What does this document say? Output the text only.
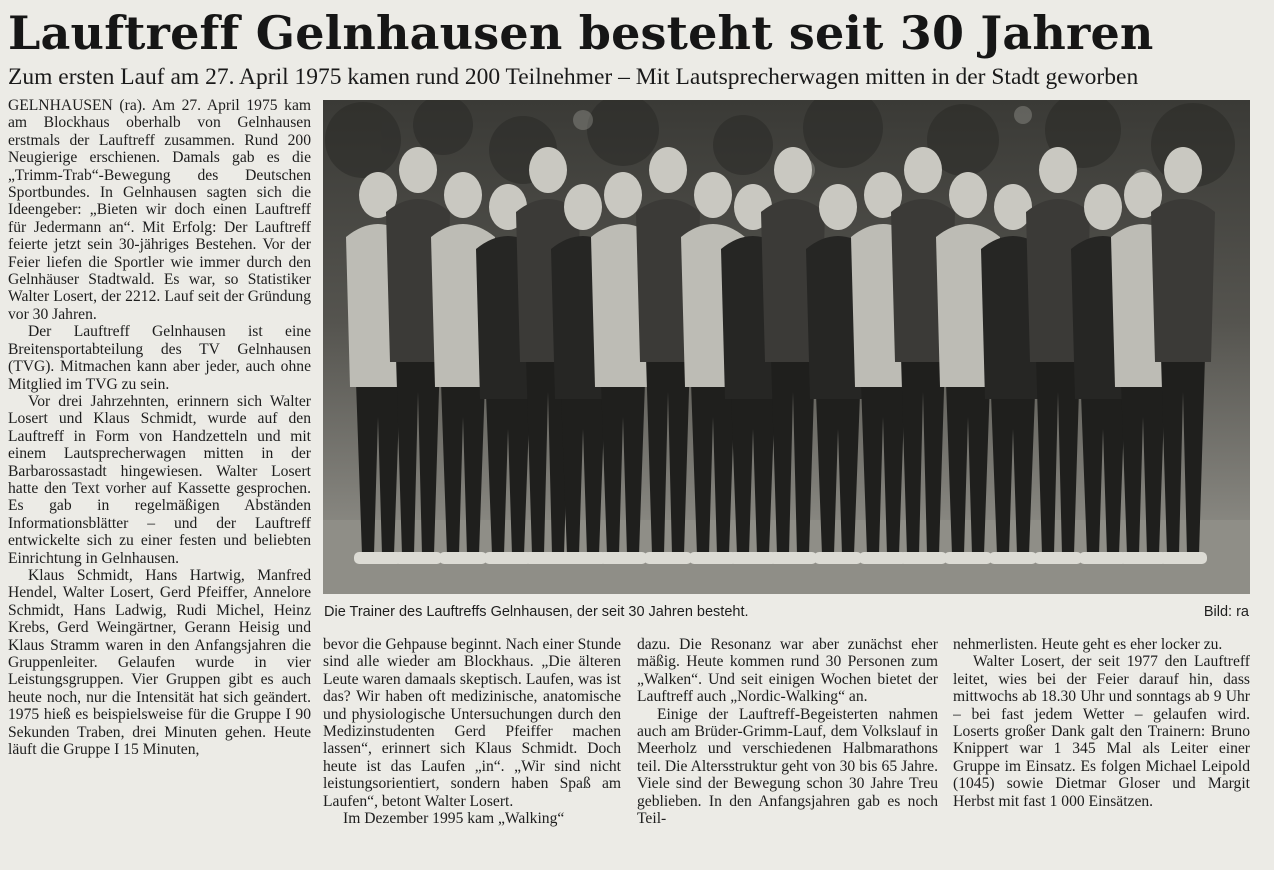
Lauftreff Gelnhausen besteht seit 30 Jahren
Zum ersten Lauf am 27. April 1975 kamen rund 200 Teilnehmer – Mit Lautsprecherwagen mitten in der Stadt geworben

GELNHAUSEN (ra). Am 27. April 1975 kam am Blockhaus oberhalb von Gelnhausen erstmals der Lauftreff zusammen. Rund 200 Neugierige erschienen. Damals gab es die „Trimm-Trab“-Bewegung des Deutschen Sportbundes. In Gelnhausen sagten sich die Ideengeber: „Bieten wir doch einen Lauftreff für Jedermann an“. Mit Erfolg: Der Lauftreff feierte jetzt sein 30-jähriges Bestehen. Vor der Feier liefen die Sportler wie immer durch den Gelnhäuser Stadtwald. Es war, so Statistiker Walter Losert, der 2212. Lauf seit der Gründung vor 30 Jahren.

Der Lauftreff Gelnhausen ist eine Breitensportabteilung des TV Gelnhausen (TVG). Mitmachen kann aber jeder, auch ohne Mitglied im TVG zu sein.

Vor drei Jahrzehnten, erinnern sich Walter Losert und Klaus Schmidt, wurde auf den Lauftreff in Form von Handzetteln und mit einem Lautsprecherwagen mitten in der Barbarossastadt hingewiesen. Walter Losert hatte den Text vorher auf Kassette gesprochen. Es gab in regelmäßigen Abständen Informationsblätter – und der Lauftreff entwickelte sich zu einer festen und beliebten Einrichtung in Gelnhausen.

Klaus Schmidt, Hans Hartwig, Manfred Hendel, Walter Losert, Gerd Pfeiffer, Annelore Schmidt, Hans Ladwig, Rudi Michel, Heinz Krebs, Gerd Weingärtner, Gerann Heisig und Klaus Stramm waren in den Anfangsjahren die Gruppenleiter. Gelaufen wurde in vier Leistungsgruppen. Vier Gruppen gibt es auch heute noch, nur die Intensität hat sich geändert. 1975 hieß es beispielsweise für die Gruppe I 90 Sekunden Traben, drei Minuten gehen. Heute läuft die Gruppe I 15 Minuten,

Die Trainer des Lauftreffs Gelnhausen, der seit 30 Jahren besteht.	Bild: ra

bevor die Gehpause beginnt. Nach einer Stunde sind alle wieder am Blockhaus. „Die älteren Leute waren damaals skeptisch. Laufen, was ist das? Wir haben oft medizinische, anatomische und physiologische Untersuchungen durch den Medizinstudenten Gerd Pfeiffer machen lassen“, erinnert sich Klaus Schmidt. Doch heute ist das Laufen „in“. „Wir sind nicht leistungsorientiert, sondern haben Spaß am Laufen“, betont Walter Losert.

Im Dezember 1995 kam „Walking“

dazu. Die Resonanz war aber zunächst eher mäßig. Heute kommen rund 30 Personen zum „Walken“. Und seit einigen Wochen bietet der Lauftreff auch „Nordic-Walking“ an.

Einige der Lauftreff-Begeisterten nahmen auch am Brüder-Grimm-Lauf, dem Volkslauf in Meerholz und verschiedenen Halbmarathons teil. Die Altersstruktur geht von 30 bis 65 Jahre. Viele sind der Bewegung schon 30 Jahre Treu geblieben. In den Anfangsjahren gab es noch Teil-

nehmerlisten. Heute geht es eher locker zu.

Walter Losert, der seit 1977 den Lauftreff leitet, wies bei der Feier darauf hin, dass mittwochs ab 18.30 Uhr und sonntags ab 9 Uhr – bei fast jedem Wetter – gelaufen wird. Loserts großer Dank galt den Trainern: Bruno Knippert war 1 345 Mal als Leiter einer Gruppe im Einsatz. Es folgen Michael Leipold (1045) sowie Dietmar Gloser und Margit Herbst mit fast 1 000 Einsätzen.
